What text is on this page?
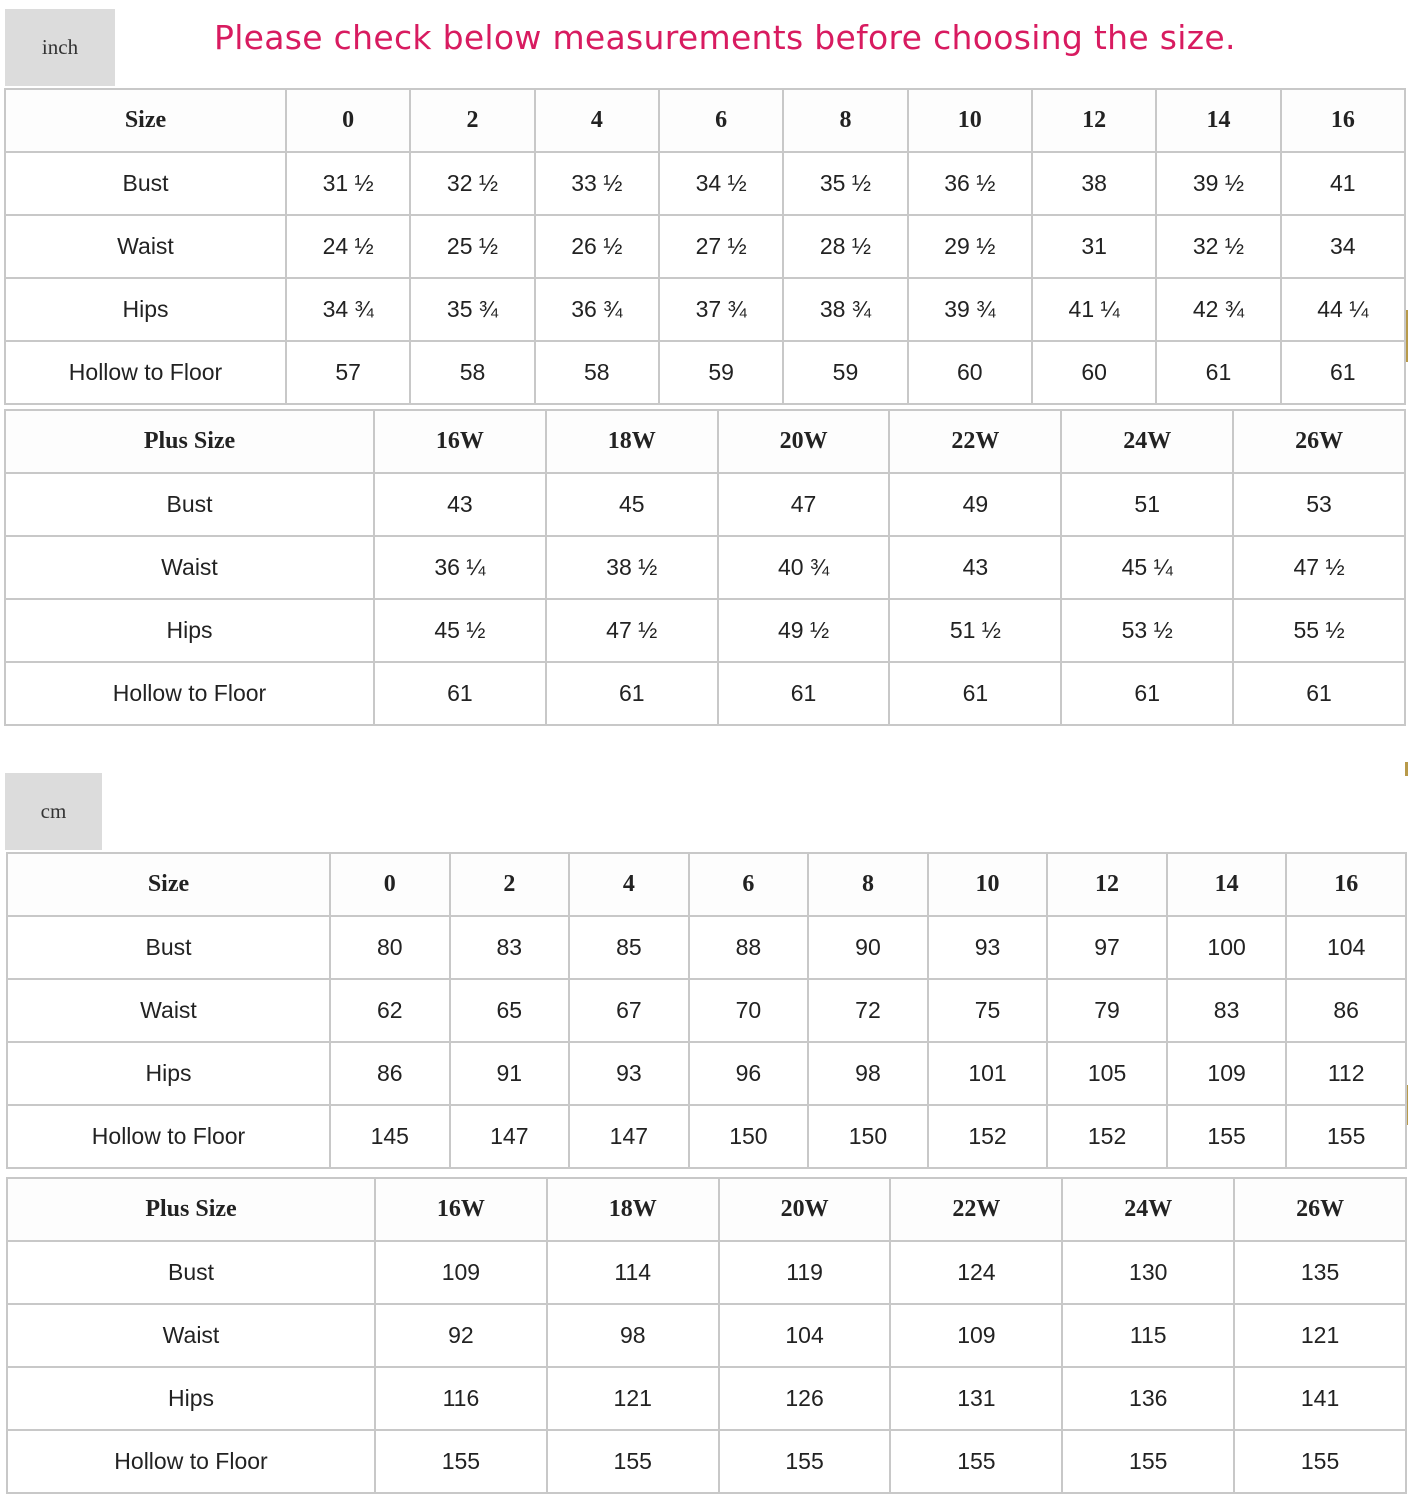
inch	Please check below measurements before choosing the size.
cm
Size	0	2	4	6	8	10	12	14	16
Bust	31 ½	32 ½	33 ½	34 ½	35 ½	36 ½	38	39 ½	41
Waist	24 ½	25 ½	26 ½	27 ½	28 ½	29 ½	31	32 ½	34
Hips	34 ¾	35 ¾	36 ¾	37 ¾	38 ¾	39 ¾	41 ¼	42 ¾	44 ¼
Hollow to Floor	57	58	58	59	59	60	60	61	61
Plus Size	16W	18W	20W	22W	24W	26W
Bust	43	45	47	49	51	53
Waist	36 ¼	38 ½	40 ¾	43	45 ¼	47 ½
Hips	45 ½	47 ½	49 ½	51 ½	53 ½	55 ½
Hollow to Floor	61	61	61	61	61	61
Size	0	2	4	6	8	10	12	14	16
Bust	80	83	85	88	90	93	97	100	104
Waist	62	65	67	70	72	75	79	83	86
Hips	86	91	93	96	98	101	105	109	112
Hollow to Floor	145	147	147	150	150	152	152	155	155
Plus Size	16W	18W	20W	22W	24W	26W
Bust	109	114	119	124	130	135
Waist	92	98	104	109	115	121
Hips	116	121	126	131	136	141
Hollow to Floor	155	155	155	155	155	155
